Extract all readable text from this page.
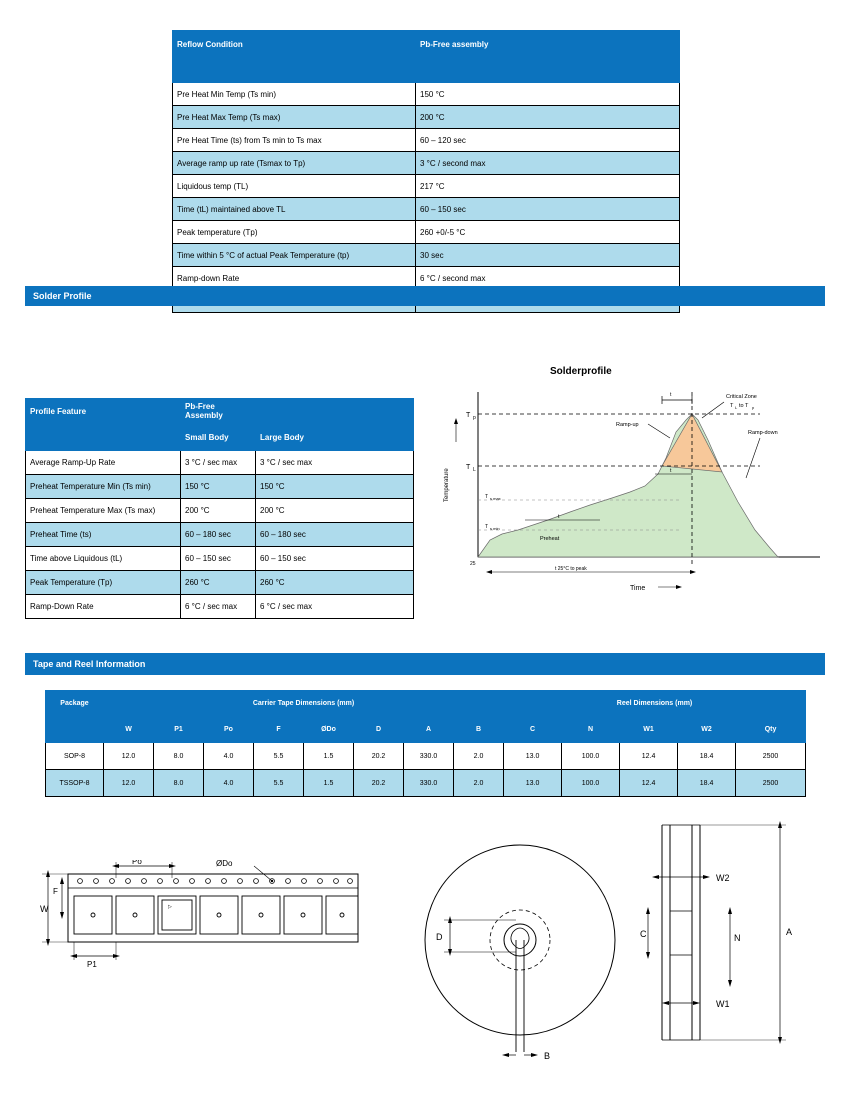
Reflow Condition	Pb-Free assembly		

Pre Heat Min Temp (Ts min)	150 °C		
Pre Heat Max Temp (Ts max)	200 °C		
Pre Heat Time (ts) from Ts min to Ts max	60 – 120 sec		
Average ramp up rate (Tsmax to Tp)	3 °C / second max		
Liquidous temp (TL)	217 °C		
Time (tL) maintained above TL	60 – 150 sec		
Peak temperature (Tp)	260 +0/-5 °C		
Time within 5 °C of actual Peak Temperature (tp)	30 sec		
Ramp-down Rate	6 °C / second max		

Solder Profile
Profile Feature	Pb-Free Assembly		
	Small Body	Large Body	
Average Ramp-Up Rate	3 °C / sec max	3 °C / sec max	
Preheat Temperature Min (Ts min)	150 °C	150 °C	
Preheat Temperature Max (Ts max)	200 °C	200 °C	
Preheat Time (ts)	60 – 180 sec	60 – 180 sec	
Time above Liquidous (tL)	60 – 150 sec	60 – 150 sec	
Peak Temperature (Tp)	260 °C	260 °C	
Ramp-Down Rate	6 °C / sec max	6 °C / sec max	
Solderprofile
t
t
t
T p
T L
T s max
T s min
25
Temperature
Time
Critical Zone
T L to T p
Ramp-up
Ramp-down
Preheat
t 25°C to peak
Tape and Reel Information
Package	Carrier Tape Dimensions (mm)								Reel Dimensions (mm)				
	W	P1	Po	F	ØDo	D	A	B	C	N	W1	W2	Qty
SOP-8	12.0	8.0	4.0	5.5	1.5	20.2	330.0	2.0	13.0	100.0	12.4	18.4	2500
TSSOP-8	12.0	8.0	4.0	5.5	1.5	20.2	330.0	2.0	13.0	100.0	12.4	18.4	2500
▷
Po	ØDo
F
W
P1
D
B
W2
C	N
A
W1
